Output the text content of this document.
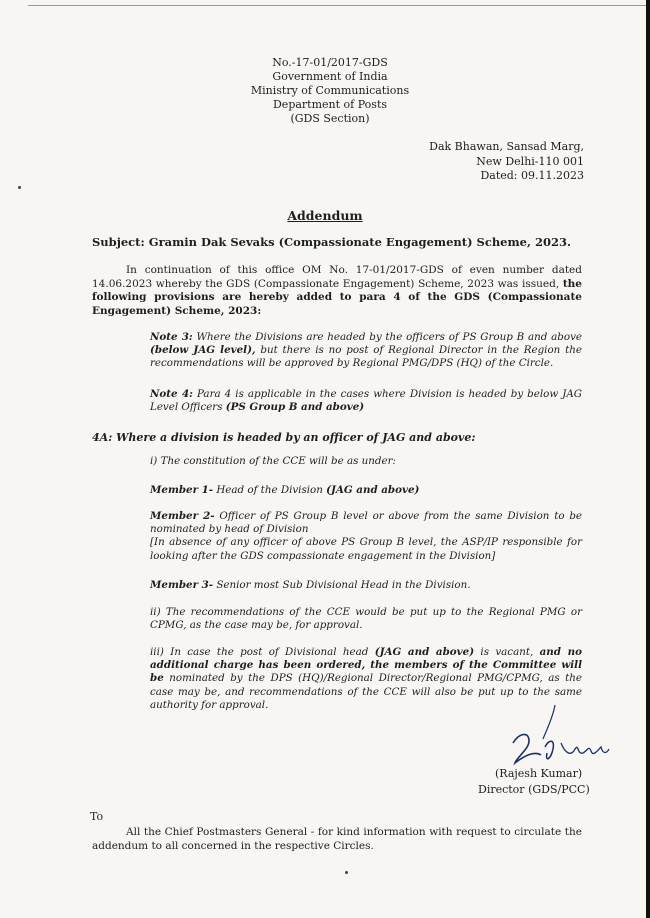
No.-17-01/2017-GDS
Government of India
Ministry of Communications
Department of Posts
(GDS Section)
Dak Bhawan, Sansad Marg,
New Delhi-110 001
Dated: 09.11.2023
Addendum
Subject: Gramin Dak Sevaks (Compassionate Engagement) Scheme, 2023.
In continuation of this office OM No. 17-01/2017-GDS of even number dated 14.06.2023 whereby the GDS (Compassionate Engagement) Scheme, 2023 was issued, the following provisions are hereby added to para 4 of the GDS (Compassionate Engagement) Scheme, 2023:
Note 3: Where the Divisions are headed by the officers of PS Group B and above (below JAG level), but there is no post of Regional Director in the Region the recommendations will be approved by Regional PMG/DPS (HQ) of the Circle.
Note 4: Para 4 is applicable in the cases where Division is headed by below JAG Level Officers (PS Group B and above)
4A: Where a division is headed by an officer of JAG and above:
i) The constitution of the CCE will be as under:
Member 1- Head of the Division (JAG and above)
Member 2- Officer of PS Group B level or above from the same Division to be nominated by head of Division
[In absence of any officer of above PS Group B level, the ASP/IP responsible for looking after the GDS compassionate engagement in the Division]
Member 3- Senior most Sub Divisional Head in the Division.
ii) The recommendations of the CCE would be put up to the Regional PMG or CPMG, as the case may be, for approval.
iii) In case the post of Divisional head (JAG and above) is vacant, and no additional charge has been ordered, the members of the Committee will be nominated by the DPS (HQ)/Regional Director/Regional PMG/CPMG, as the case may be, and recommendations of the CCE will also be put up to the same authority for approval.
(Rajesh Kumar)
Director (GDS/PCC)
To
All the Chief Postmasters General - for kind information with request to circulate the addendum to all concerned in the respective Circles.
